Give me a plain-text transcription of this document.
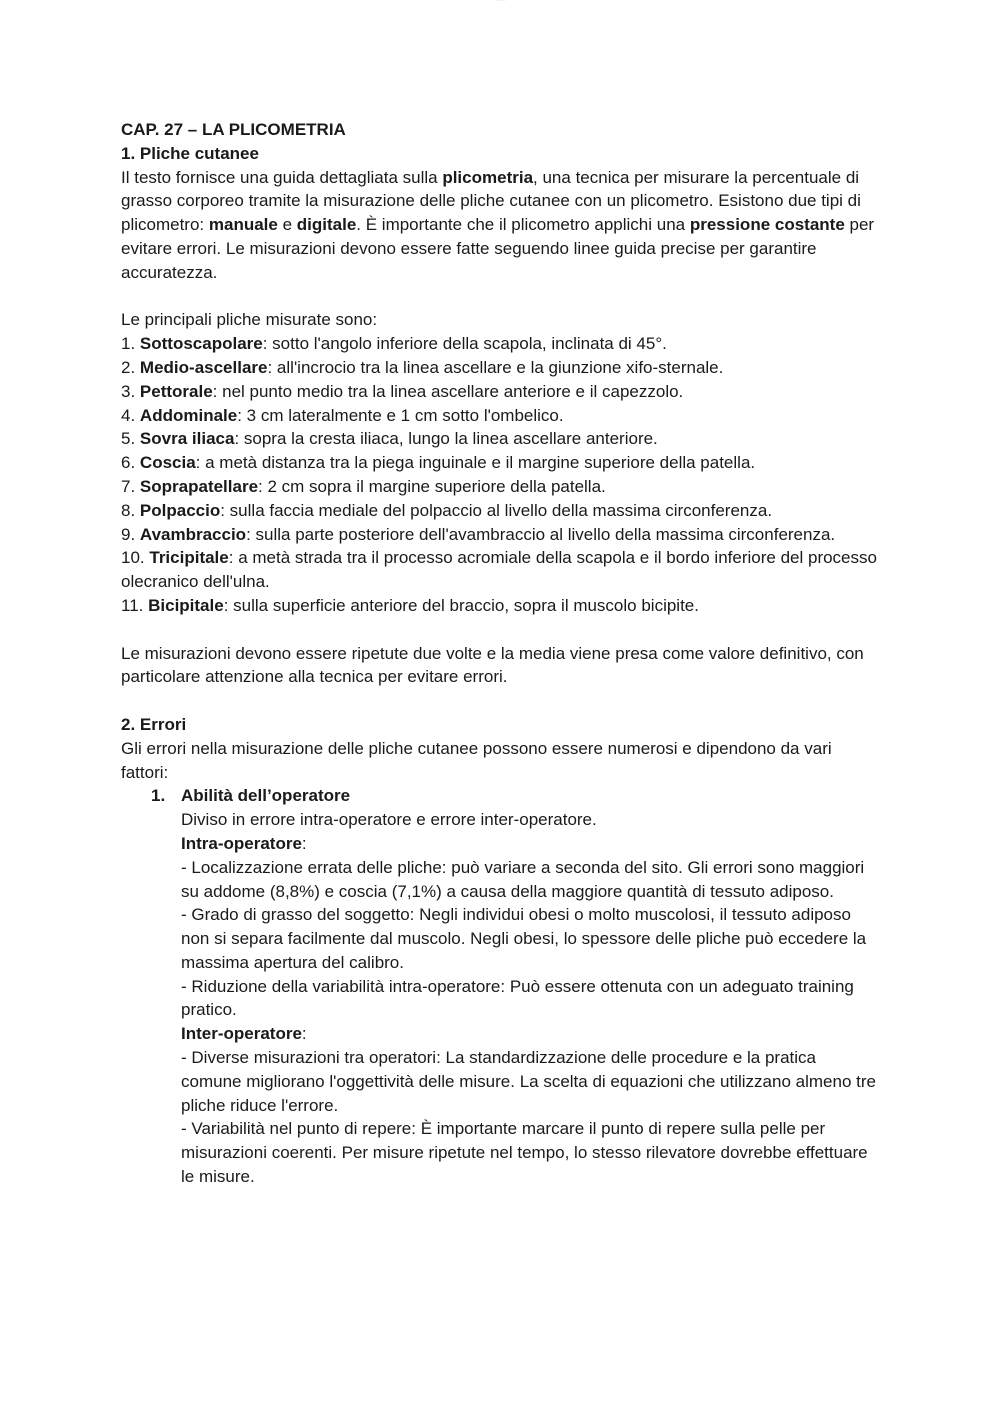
········
CAP. 27 – LA PLICOMETRIA
1. Pliche cutanee

Il testo fornisce una guida dettagliata sulla plicometria, una tecnica per misurare la percentuale di grasso corporeo tramite la misurazione delle pliche cutanee con un plicometro. Esistono due tipi di plicometro: manuale e digitale. È importante che il plicometro applichi una pressione costante per evitare errori. Le misurazioni devono essere fatte seguendo linee guida precise per garantire accuratezza.

Le principali pliche misurate sono:
1. Sottoscapolare: sotto l'angolo inferiore della scapola, inclinata di 45°.
2. Medio-ascellare: all'incrocio tra la linea ascellare e la giunzione xifo-sternale.
3. Pettorale: nel punto medio tra la linea ascellare anteriore e il capezzolo.
4. Addominale: 3 cm lateralmente e 1 cm sotto l'ombelico.
5. Sovra iliaca: sopra la cresta iliaca, lungo la linea ascellare anteriore.
6. Coscia: a metà distanza tra la piega inguinale e il margine superiore della patella.
7. Soprapatellare: 2 cm sopra il margine superiore della patella.
8. Polpaccio: sulla faccia mediale del polpaccio al livello della massima circonferenza.
9. Avambraccio: sulla parte posteriore dell'avambraccio al livello della massima circonferenza.
10. Tricipitale: a metà strada tra il processo acromiale della scapola e il bordo inferiore del processo olecranico dell'ulna.
11. Bicipitale: sulla superficie anteriore del braccio, sopra il muscolo bicipite.

Le misurazioni devono essere ripetute due volte e la media viene presa come valore definitivo, con particolare attenzione alla tecnica per evitare errori.

2. Errori

Gli errori nella misurazione delle pliche cutanee possono essere numerosi e dipendono da vari fattori:

1. Abilità dell’operatore
Diviso in errore intra-operatore e errore inter-operatore.
Intra-operatore:
- Localizzazione errata delle pliche: può variare a seconda del sito. Gli errori sono maggiori su addome (8,8%) e coscia (7,1%) a causa della maggiore quantità di tessuto adiposo.
- Grado di grasso del soggetto: Negli individui obesi o molto muscolosi, il tessuto adiposo non si separa facilmente dal muscolo. Negli obesi, lo spessore delle pliche può eccedere la massima apertura del calibro.
- Riduzione della variabilità intra-operatore: Può essere ottenuta con un adeguato training pratico.
Inter-operatore:
- Diverse misurazioni tra operatori: La standardizzazione delle procedure e la pratica comune migliorano l'oggettività delle misure. La scelta di equazioni che utilizzano almeno tre pliche riduce l'errore.
- Variabilità nel punto di repere: È importante marcare il punto di repere sulla pelle per misurazioni coerenti. Per misure ripetute nel tempo, lo stesso rilevatore dovrebbe effettuare le misure.
